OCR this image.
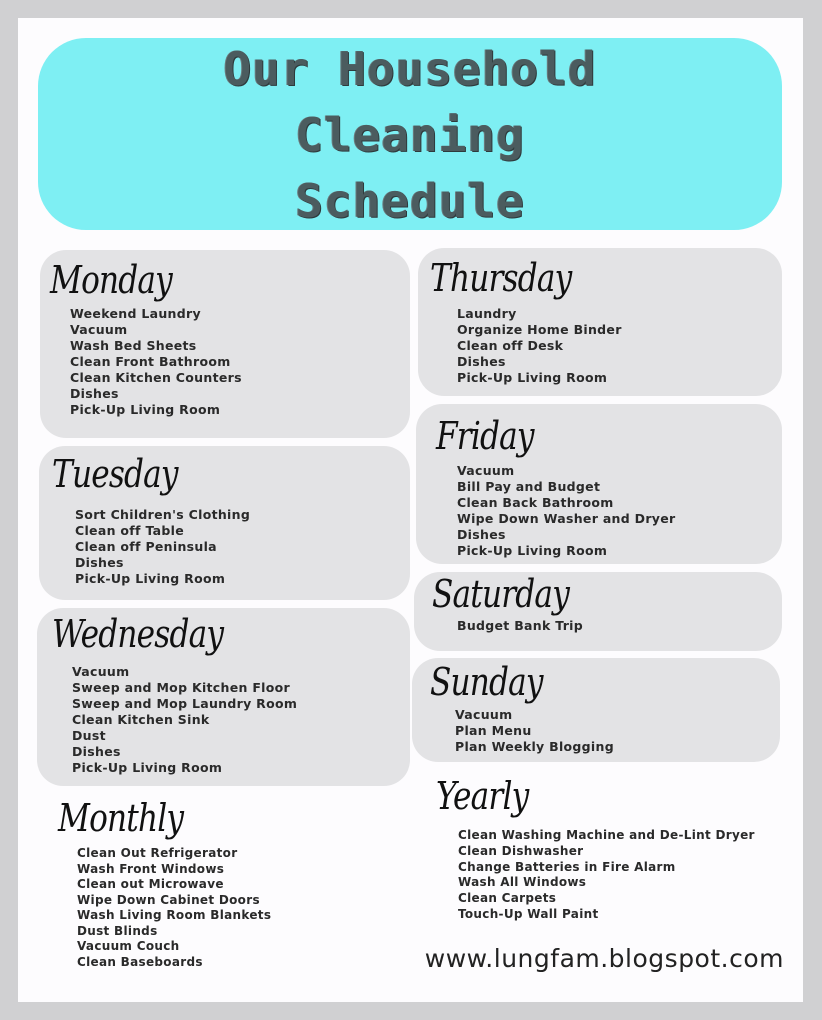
Our Household
Cleaning
Schedule
Monday
Weekend Laundry
Vacuum
Wash Bed Sheets
Clean Front Bathroom
Clean Kitchen Counters
Dishes
Pick-Up Living Room
Tuesday
Sort Children's Clothing
Clean off Table
Clean off Peninsula
Dishes
Pick-Up Living Room
Wednesday
Vacuum
Sweep and Mop Kitchen Floor
Sweep and Mop Laundry Room
Clean Kitchen Sink
Dust
Dishes
Pick-Up Living Room
Monthly
Clean Out Refrigerator
Wash Front Windows
Clean out Microwave
Wipe Down Cabinet Doors
Wash Living Room Blankets
Dust Blinds
Vacuum Couch
Clean Baseboards
Thursday
Laundry
Organize Home Binder
Clean off Desk
Dishes
Pick-Up Living Room
Friday
Vacuum
Bill Pay and Budget
Clean Back Bathroom
Wipe Down Washer and Dryer
Dishes
Pick-Up Living Room
Saturday
Budget Bank Trip
Sunday
Vacuum
Plan Menu
Plan Weekly Blogging
Yearly
Clean Washing Machine and De-Lint Dryer
Clean Dishwasher
Change Batteries in Fire Alarm
Wash All Windows
Clean Carpets
Touch-Up Wall Paint
www.lungfam.blogspot.com
